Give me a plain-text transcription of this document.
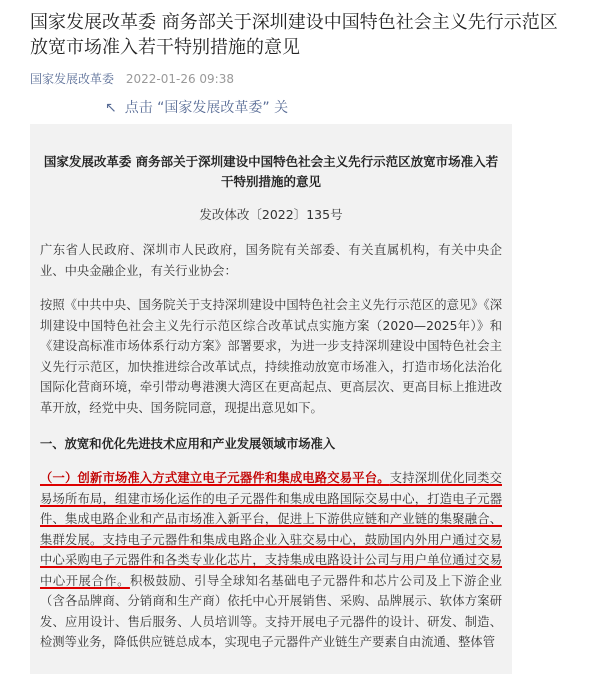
国家发展改革委 商务部关于深圳建设中国特色社会主义先行示范区放宽市场准入若干特别措施的意见
国家发展改革委 2022-01-26 09:38
↖ 点击 “国家发展改革委” 关

国家发展改革委 商务部关于深圳建设中国特色社会主义先行示范区放宽市场准入若干特别措施的意见

发改体改〔2022〕135号
广东省人民政府、深圳市人民政府，国务院有关部委、有关直属机构，有关中央企业、中央金融企业，有关行业协会：
按照《中共中央、国务院关于支持深圳建设中国特色社会主义先行示范区的意见》《深圳建设中国特色社会主义先行示范区综合改革试点实施方案（2020—2025年）》和《建设高标准市场体系行动方案》部署要求，为进一步支持深圳建设中国特色社会主义先行示范区，加快推进综合改革试点，持续推动放宽市场准入，打造市场化法治化国际化营商环境，牵引带动粤港澳大湾区在更高起点、更高层次、更高目标上推进改革开放，经党中央、国务院同意，现提出意见如下。
一、放宽和优化先进技术应用和产业发展领域市场准入
（一）创新市场准入方式建立电子元器件和集成电路交易平台。支持深圳优化同类交易场所布局，组建市场化运作的电子元器件和集成电路国际交易中心，打造电子元器件、集成电路企业和产品市场准入新平台，促进上下游供应链和产业链的集聚融合、集群发展。支持电子元器件和集成电路企业入驻交易中心，鼓励国内外用户通过交易中心采购电子元器件和各类专业化芯片，支持集成电路设计公司与用户单位通过交易中心开展合作。积极鼓励、引导全球知名基础电子元器件和芯片公司及上下游企业（含各品牌商、分销商和生产商）依托中心开展销售、采购、品牌展示、软体方案研发、应用设计、售后服务、人员培训等。支持开展电子元器件的设计、研发、制造、检测等业务，降低供应链总成本，实现电子元器件产业链生产要素自由流通、整体管
